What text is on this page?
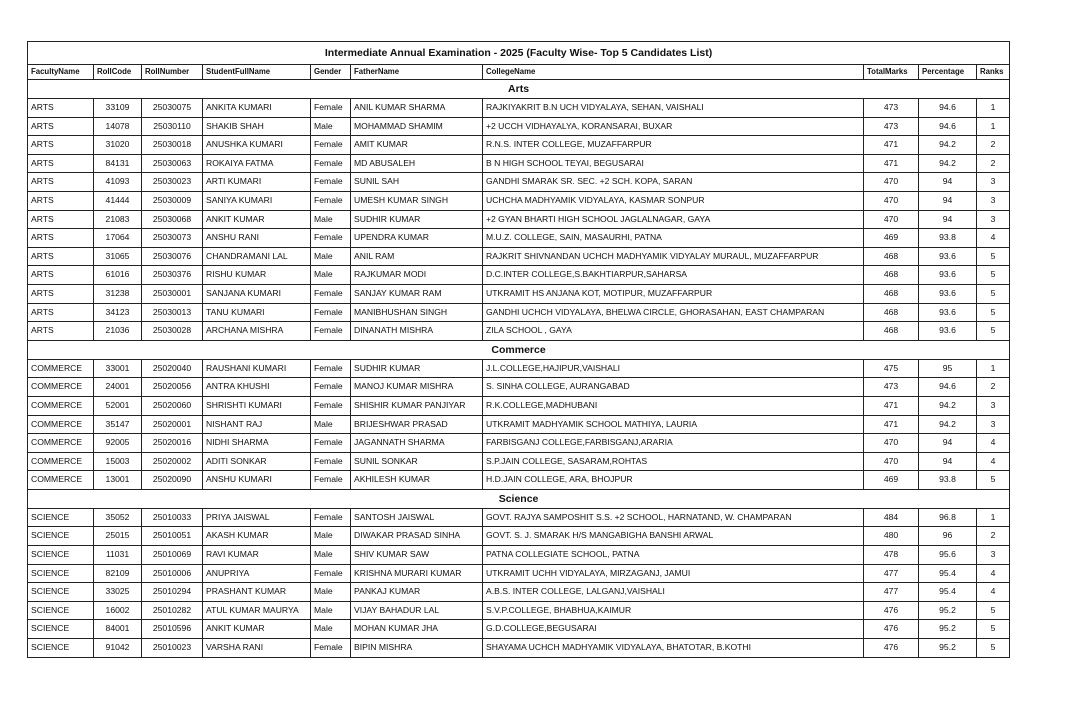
Intermediate Annual Examination - 2025 (Faculty Wise- Top 5 Candidates List)									
FacultyName	RollCode	RollNumber	StudentFullName	Gender	FatherName	CollegeName	TotalMarks	Percentage	Ranks
Arts									
ARTS	33109	25030075	ANKITA KUMARI	Female	ANIL KUMAR SHARMA	RAJKIYAKRIT B.N UCH VIDYALAYA, SEHAN, VAISHALI	473	94.6	1
ARTS	14078	25030110	SHAKIB SHAH	Male	MOHAMMAD SHAMIM	+2 UCCH VIDHAYALYA, KORANSARAI, BUXAR	473	94.6	1
ARTS	31020	25030018	ANUSHKA KUMARI	Female	AMIT KUMAR	R.N.S. INTER COLLEGE, MUZAFFARPUR	471	94.2	2
ARTS	84131	25030063	ROKAIYA FATMA	Female	MD ABUSALEH	B N HIGH SCHOOL TEYAI, BEGUSARAI	471	94.2	2
ARTS	41093	25030023	ARTI KUMARI	Female	SUNIL SAH	GANDHI SMARAK SR. SEC. +2 SCH. KOPA, SARAN	470	94	3
ARTS	41444	25030009	SANIYA KUMARI	Female	UMESH KUMAR SINGH	UCHCHA MADHYAMIK VIDYALAYA, KASMAR SONPUR	470	94	3
ARTS	21083	25030068	ANKIT KUMAR	Male	SUDHIR KUMAR	+2 GYAN BHARTI HIGH SCHOOL JAGLALNAGAR, GAYA	470	94	3
ARTS	17064	25030073	ANSHU RANI	Female	UPENDRA KUMAR	M.U.Z. COLLEGE, SAIN, MASAURHI, PATNA	469	93.8	4
ARTS	31065	25030076	CHANDRAMANI LAL	Male	ANIL RAM	RAJKRIT SHIVNANDAN UCHCH MADHYAMIK VIDYALAY MURAUL, MUZAFFARPUR	468	93.6	5
ARTS	61016	25030376	RISHU KUMAR	Male	RAJKUMAR MODI	D.C.INTER COLLEGE,S.BAKHTIARPUR,SAHARSA	468	93.6	5
ARTS	31238	25030001	SANJANA KUMARI	Female	SANJAY KUMAR RAM	UTKRAMIT HS ANJANA KOT, MOTIPUR, MUZAFFARPUR	468	93.6	5
ARTS	34123	25030013	TANU KUMARI	Female	MANIBHUSHAN SINGH	GANDHI UCHCH VIDYALAYA, BHELWA CIRCLE, GHORASAHAN, EAST CHAMPARAN	468	93.6	5
ARTS	21036	25030028	ARCHANA MISHRA	Female	DINANATH MISHRA	ZILA SCHOOL , GAYA	468	93.6	5
Commerce									
COMMERCE	33001	25020040	RAUSHANI KUMARI	Female	SUDHIR KUMAR	J.L.COLLEGE,HAJIPUR,VAISHALI	475	95	1
COMMERCE	24001	25020056	ANTRA KHUSHI	Female	MANOJ KUMAR MISHRA	S. SINHA COLLEGE, AURANGABAD	473	94.6	2
COMMERCE	52001	25020060	SHRISHTI KUMARI	Female	SHISHIR KUMAR PANJIYAR	R.K.COLLEGE,MADHUBANI	471	94.2	3
COMMERCE	35147	25020001	NISHANT RAJ	Male	BRIJESHWAR PRASAD	UTKRAMIT MADHYAMIK SCHOOL MATHIYA, LAURIA	471	94.2	3
COMMERCE	92005	25020016	NIDHI SHARMA	Female	JAGANNATH SHARMA	FARBISGANJ COLLEGE,FARBISGANJ,ARARIA	470	94	4
COMMERCE	15003	25020002	ADITI SONKAR	Female	SUNIL SONKAR	S.P.JAIN COLLEGE, SASARAM,ROHTAS	470	94	4
COMMERCE	13001	25020090	ANSHU KUMARI	Female	AKHILESH KUMAR	H.D.JAIN COLLEGE, ARA, BHOJPUR	469	93.8	5
Science									
SCIENCE	35052	25010033	PRIYA JAISWAL	Female	SANTOSH JAISWAL	GOVT. RAJYA SAMPOSHIT S.S. +2 SCHOOL, HARNATAND, W. CHAMPARAN	484	96.8	1
SCIENCE	25015	25010051	AKASH KUMAR	Male	DIWAKAR PRASAD SINHA	GOVT. S. J. SMARAK H/S MANGABIGHA BANSHI ARWAL	480	96	2
SCIENCE	11031	25010069	RAVI KUMAR	Male	SHIV KUMAR SAW	PATNA COLLEGIATE SCHOOL, PATNA	478	95.6	3
SCIENCE	82109	25010006	ANUPRIYA	Female	KRISHNA MURARI KUMAR	UTKRAMIT UCHH VIDYALAYA, MIRZAGANJ, JAMUI	477	95.4	4
SCIENCE	33025	25010294	PRASHANT KUMAR	Male	PANKAJ KUMAR	A.B.S. INTER COLLEGE, LALGANJ,VAISHALI	477	95.4	4
SCIENCE	16002	25010282	ATUL KUMAR MAURYA	Male	VIJAY BAHADUR LAL	S.V.P.COLLEGE, BHABHUA,KAIMUR	476	95.2	5
SCIENCE	84001	25010596	ANKIT KUMAR	Male	MOHAN KUMAR JHA	G.D.COLLEGE,BEGUSARAI	476	95.2	5
SCIENCE	91042	25010023	VARSHA RANI	Female	BIPIN MISHRA	SHAYAMA UCHCH MADHYAMIK VIDYALAYA, BHATOTAR, B.KOTHI	476	95.2	5
